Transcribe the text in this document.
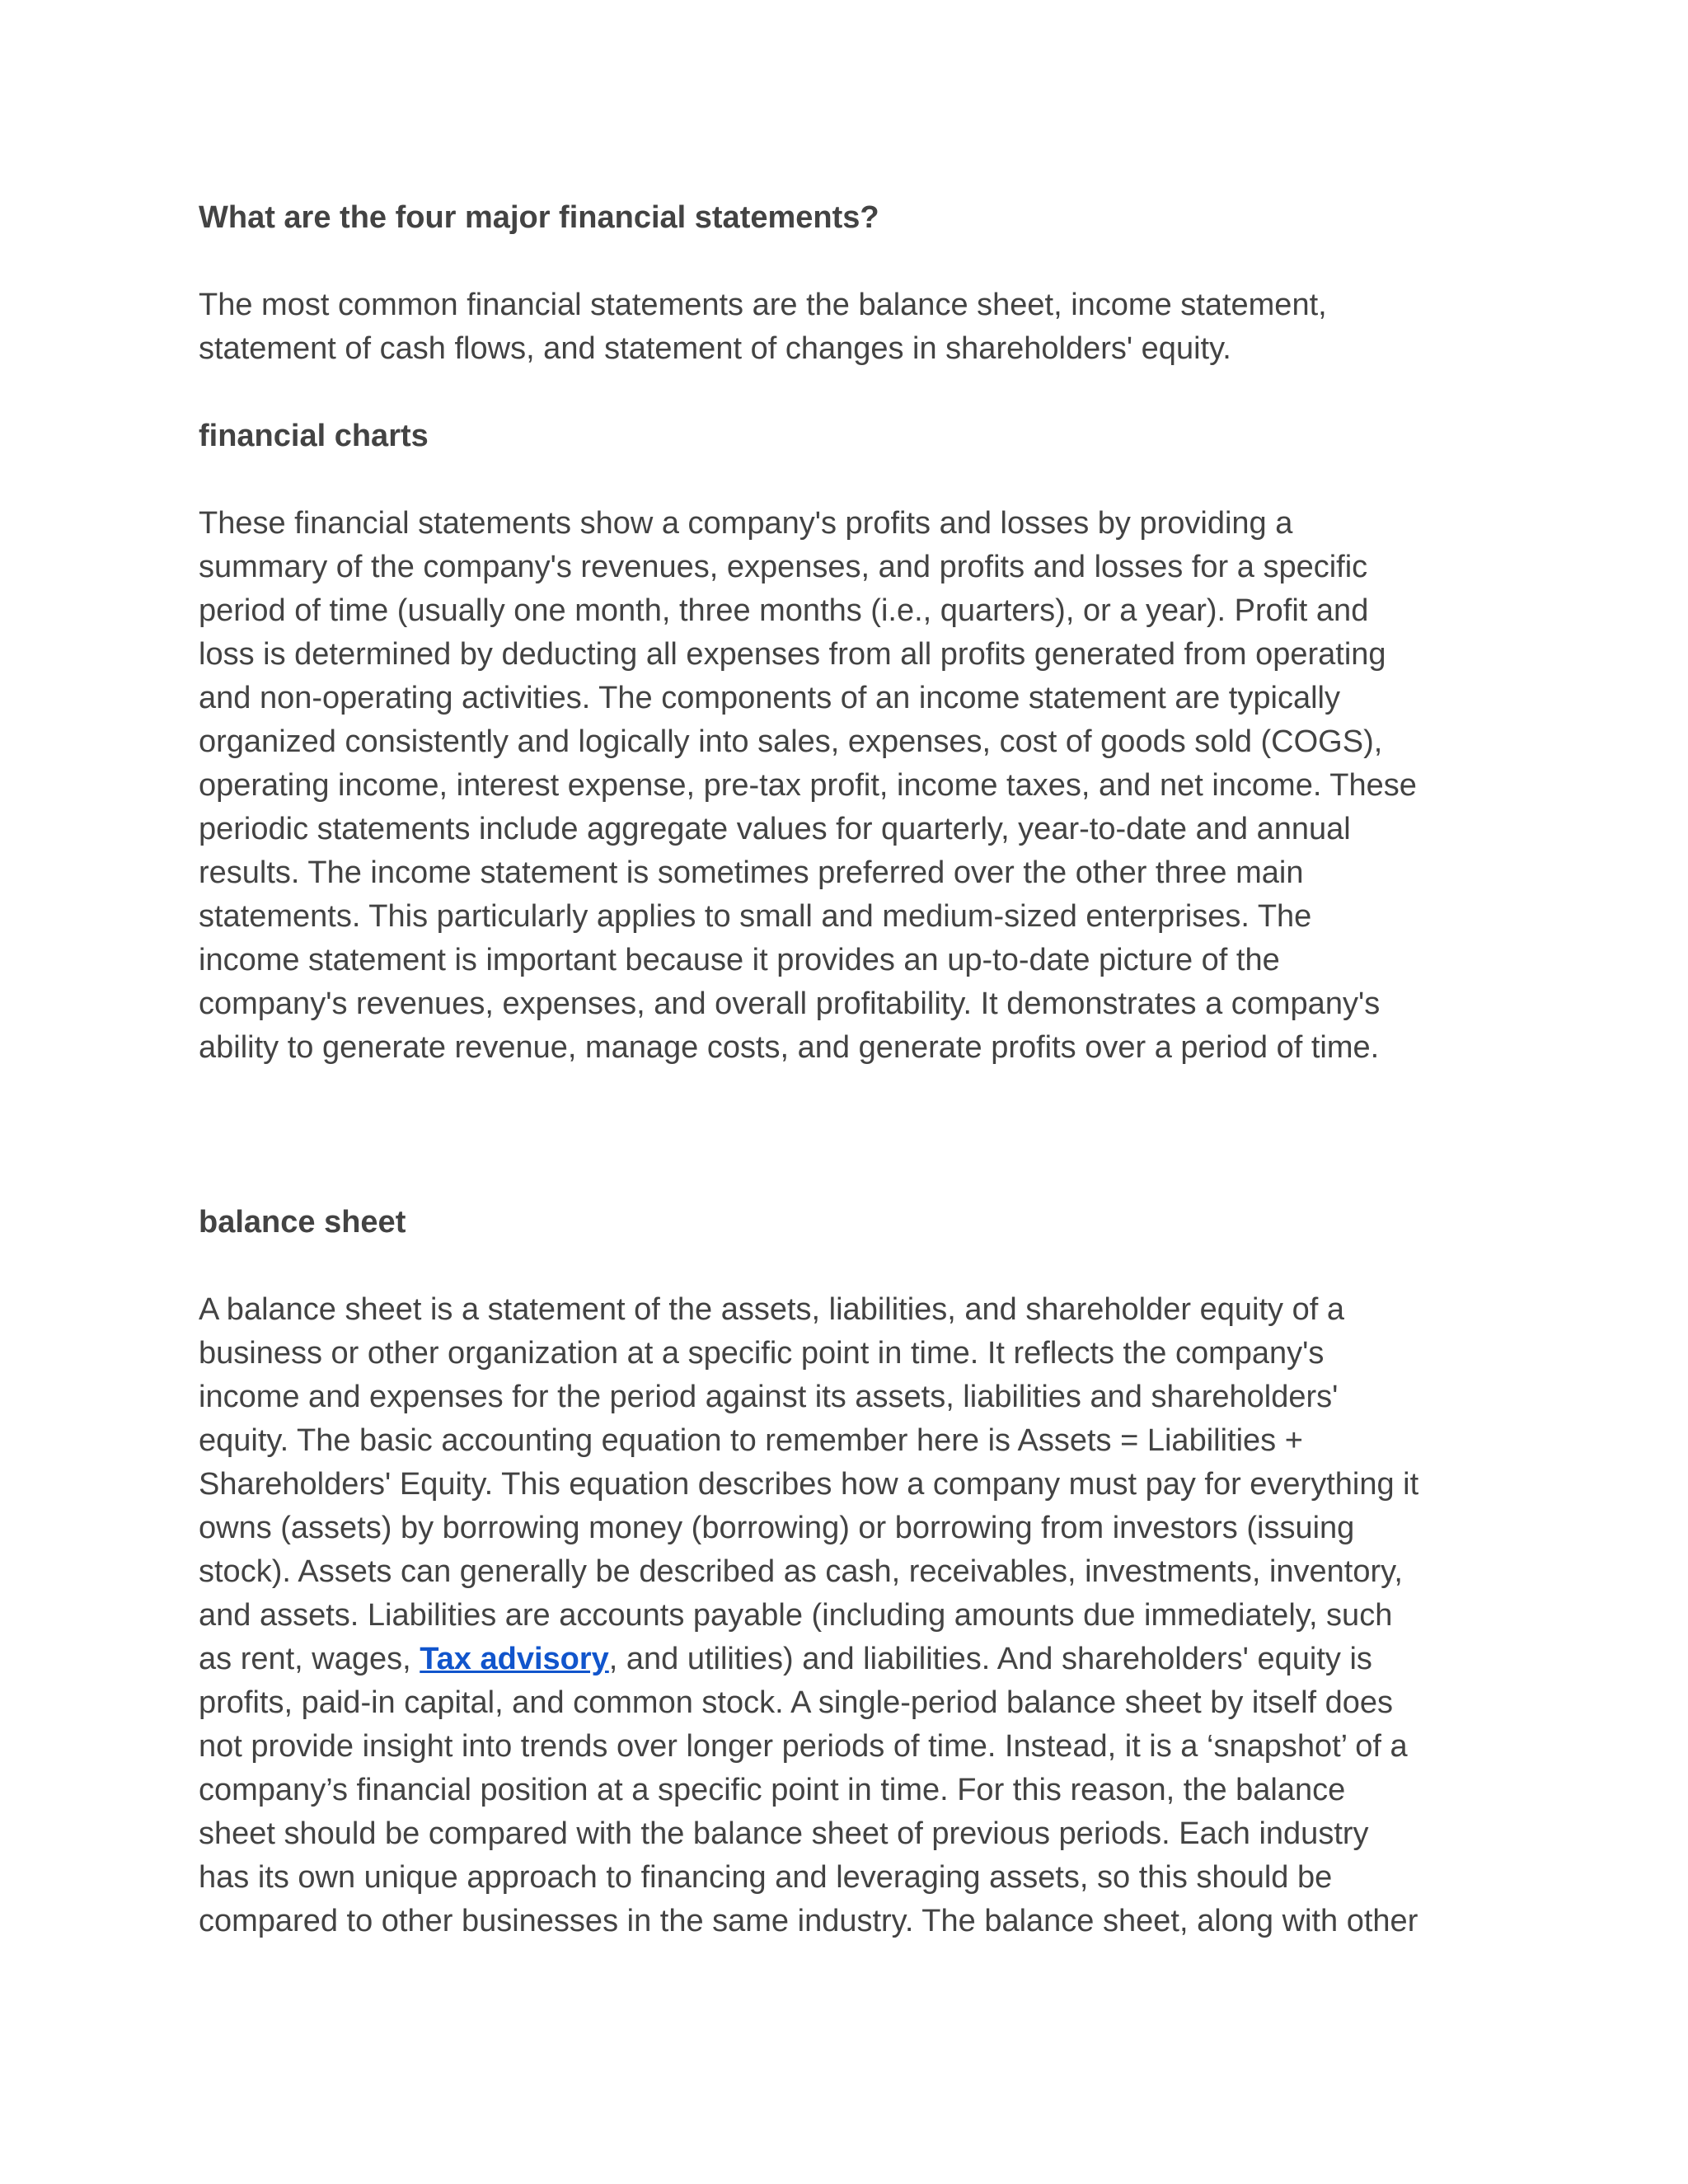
What are the four major financial statements?

The most common financial statements are the balance sheet, income statement,
statement of cash flows, and statement of changes in shareholders' equity.

financial charts

These financial statements show a company's profits and losses by providing a
summary of the company's revenues, expenses, and profits and losses for a specific
period of time (usually one month, three months (i.e., quarters), or a year). Profit and
loss is determined by deducting all expenses from all profits generated from operating
and non-operating activities. The components of an income statement are typically
organized consistently and logically into sales, expenses, cost of goods sold (COGS),
operating income, interest expense, pre-tax profit, income taxes, and net income. These
periodic statements include aggregate values for quarterly, year-to-date and annual
results. The income statement is sometimes preferred over the other three main
statements. This particularly applies to small and medium-sized enterprises. The
income statement is important because it provides an up-to-date picture of the
company's revenues, expenses, and overall profitability. It demonstrates a company's
ability to generate revenue, manage costs, and generate profits over a period of time.

balance sheet

A balance sheet is a statement of the assets, liabilities, and shareholder equity of a
business or other organization at a specific point in time. It reflects the company's
income and expenses for the period against its assets, liabilities and shareholders'
equity. The basic accounting equation to remember here is Assets = Liabilities +
Shareholders' Equity. This equation describes how a company must pay for everything it
owns (assets) by borrowing money (borrowing) or borrowing from investors (issuing
stock). Assets can generally be described as cash, receivables, investments, inventory,
and assets. Liabilities are accounts payable (including amounts due immediately, such
as rent, wages, Tax advisory, and utilities) and liabilities. And shareholders' equity is
profits, paid-in capital, and common stock. A single-period balance sheet by itself does
not provide insight into trends over longer periods of time. Instead, it is a ‘snapshot’ of a
company’s financial position at a specific point in time. For this reason, the balance
sheet should be compared with the balance sheet of previous periods. Each industry
has its own unique approach to financing and leveraging assets, so this should be
compared to other businesses in the same industry. The balance sheet, along with other
